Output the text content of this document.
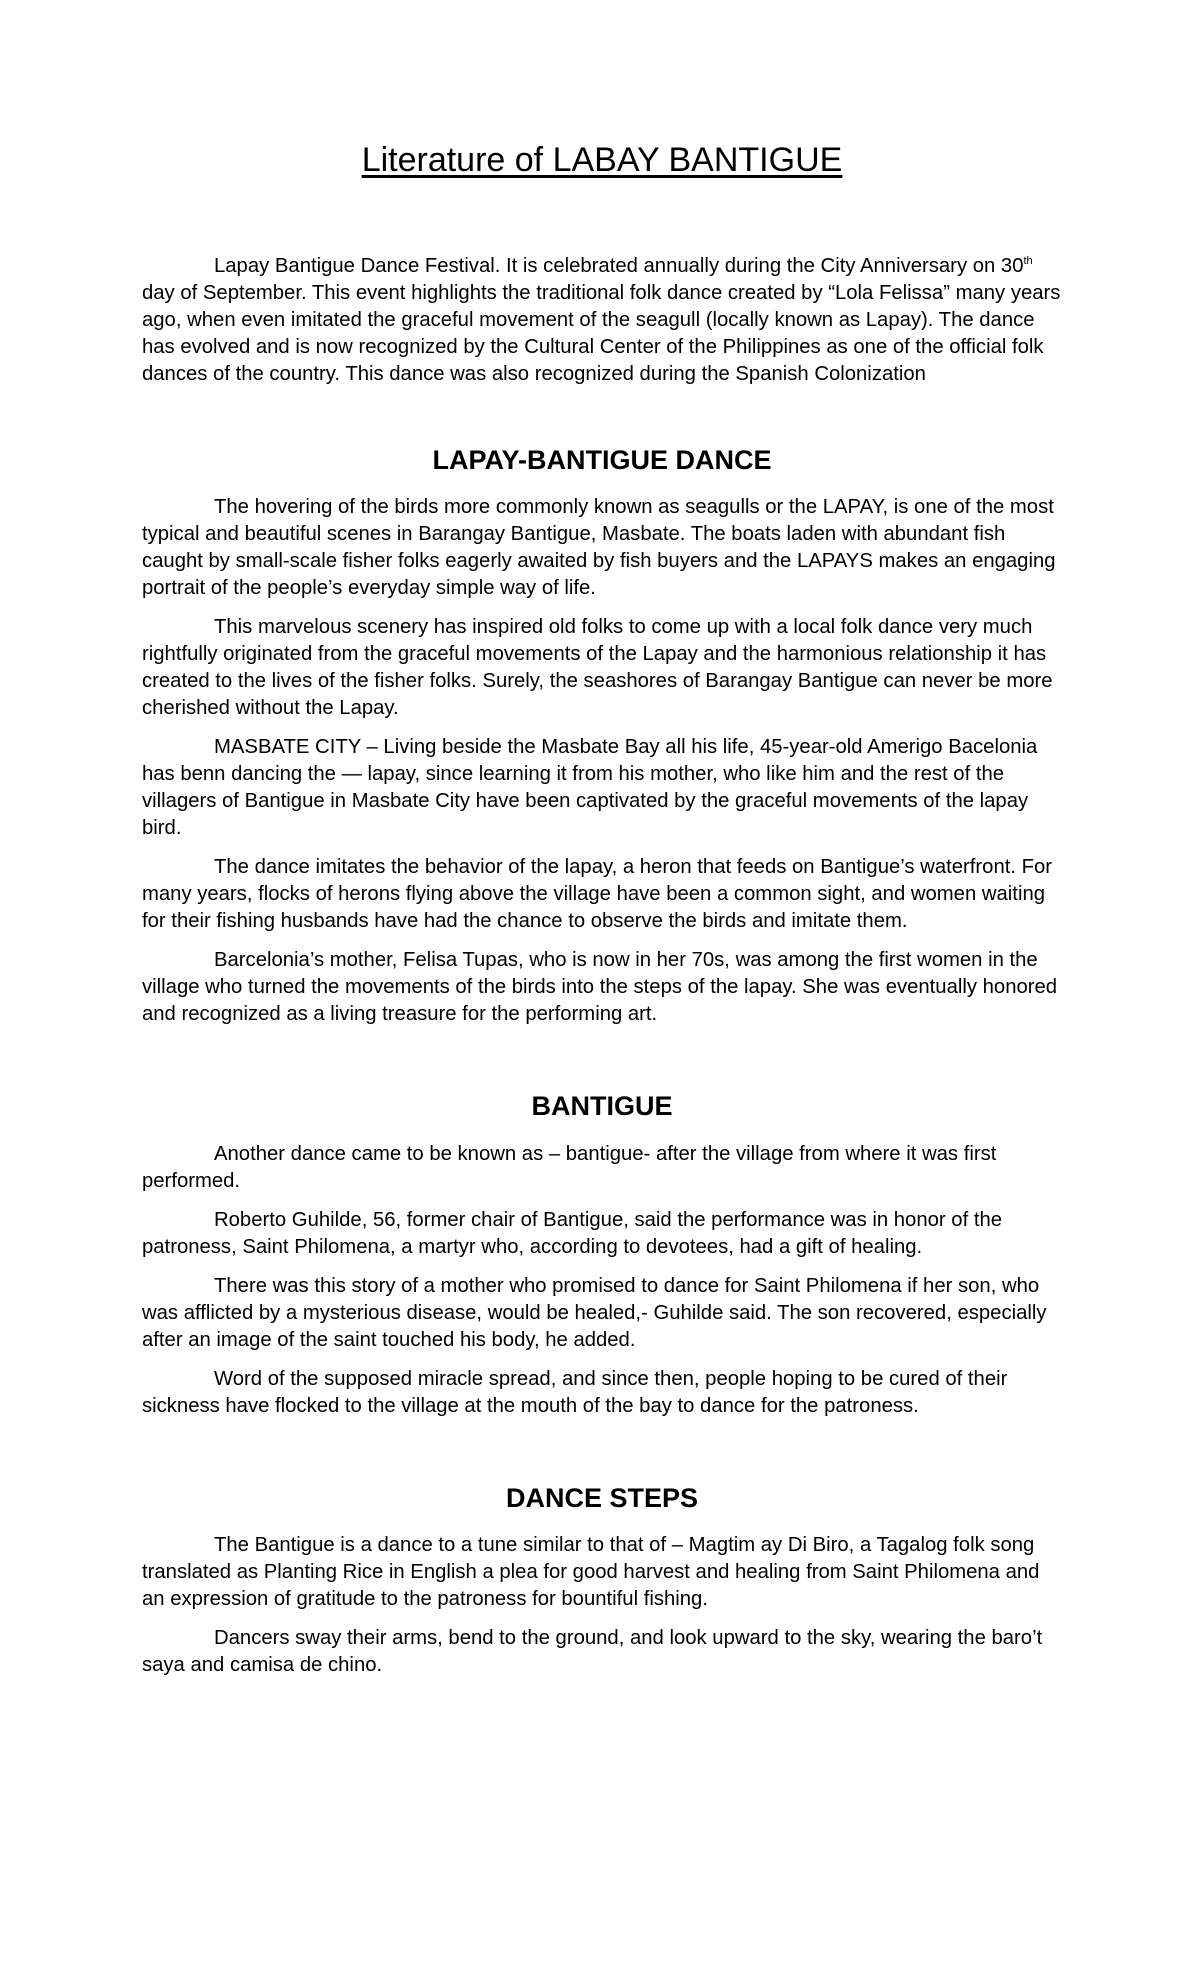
Literature of LABAY BANTIGUE

Lapay Bantigue Dance Festival. It is celebrated annually during the City Anniversary on 30th day of September. This event highlights the traditional folk dance created by “Lola Felissa” many years ago, when even imitated the graceful movement of the seagull (locally known as Lapay). The dance has evolved and is now recognized by the Cultural Center of the Philippines as one of the official folk dances of the country. This dance was also recognized during the Spanish Colonization

LAPAY-BANTIGUE DANCE

The hovering of the birds more commonly known as seagulls or the LAPAY, is one of the most typical and beautiful scenes in Barangay Bantigue, Masbate. The boats laden with abundant fish caught by small-scale fisher folks eagerly awaited by fish buyers and the LAPAYS makes an engaging portrait of the people’s everyday simple way of life.

This marvelous scenery has inspired old folks to come up with a local folk dance very much rightfully originated from the graceful movements of the Lapay and the harmonious relationship it has created to the lives of the fisher folks. Surely, the seashores of Barangay Bantigue can never be more cherished without the Lapay.

MASBATE CITY – Living beside the Masbate Bay all his life, 45-year-old Amerigo Bacelonia has benn dancing the — lapay, since learning it from his mother, who like him and the rest of the villagers of Bantigue in Masbate City have been captivated by the graceful movements of the lapay bird.

The dance imitates the behavior of the lapay, a heron that feeds on Bantigue’s waterfront. For many years, flocks of herons flying above the village have been a common sight, and women waiting for their fishing husbands have had the chance to observe the birds and imitate them.

Barcelonia’s mother, Felisa Tupas, who is now in her 70s, was among the first women in the village who turned the movements of the birds into the steps of the lapay. She was eventually honored and recognized as a living treasure for the performing art.

BANTIGUE

Another dance came to be known as – bantigue- after the village from where it was first performed.

Roberto Guhilde, 56, former chair of Bantigue, said the performance was in honor of the patroness, Saint Philomena, a martyr who, according to devotees, had a gift of healing.

There was this story of a mother who promised to dance for Saint Philomena if her son, who was afflicted by a mysterious disease, would be healed,- Guhilde said. The son recovered, especially after an image of the saint touched his body, he added.

Word of the supposed miracle spread, and since then, people hoping to be cured of their sickness have flocked to the village at the mouth of the bay to dance for the patroness.

DANCE STEPS

The Bantigue is a dance to a tune similar to that of – Magtim ay Di Biro, a Tagalog folk song translated as Planting Rice in English a plea for good harvest and healing from Saint Philomena and an expression of gratitude to the patroness for bountiful fishing.

Dancers sway their arms, bend to the ground, and look upward to the sky, wearing the baro’t saya and camisa de chino.
